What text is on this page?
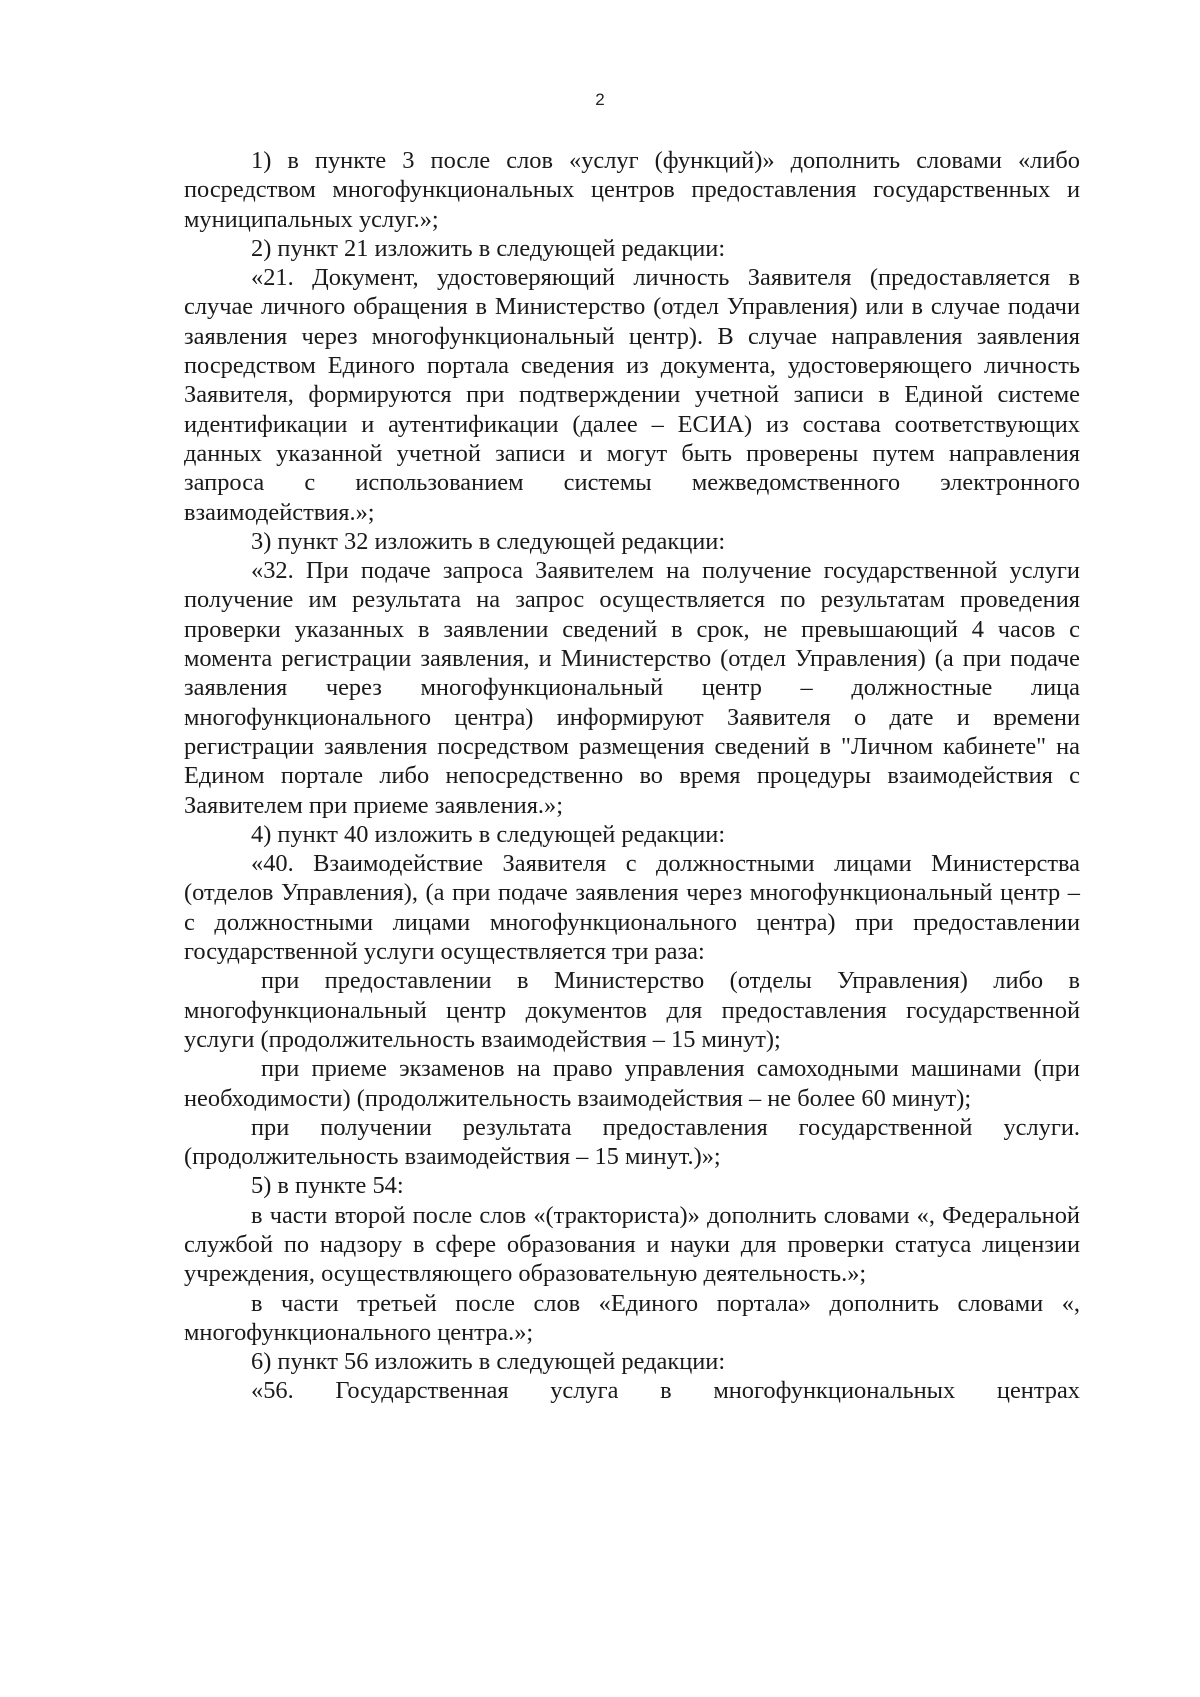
2

1) в пункте 3 после слов «услуг (функций)» дополнить словами «либо посредством многофункциональных центров предоставления государственных и муниципальных услуг.»;

2) пункт 21 изложить в следующей редакции:

«21. Документ, удостоверяющий личность Заявителя (предоставляется в случае личного обращения в Министерство (отдел Управления) или в случае подачи заявления через многофункциональный центр). В случае направления заявления посредством Единого портала сведения из документа, удостоверяющего личность Заявителя, формируются при подтверждении учетной записи в Единой системе идентификации и аутентификации (далее – ЕСИА) из состава соответствующих данных указанной учетной записи и могут быть проверены путем направления запроса с использованием системы межведомственного электронного взаимодействия.»;

3) пункт 32 изложить в следующей редакции:

«32. При подаче запроса Заявителем на получение государственной услуги получение им результата на запрос осуществляется по результатам проведения проверки указанных в заявлении сведений в срок, не превышающий 4 часов с момента регистрации заявления, и Министерство (отдел Управления) (а при подаче заявления через многофункциональный центр – должностные лица многофункционального центра) информируют Заявителя о дате и времени регистрации заявления посредством размещения сведений в "Личном кабинете" на Едином портале либо непосредственно во время процедуры взаимодействия с Заявителем при приеме заявления.»;

4) пункт 40 изложить в следующей редакции:

«40. Взаимодействие Заявителя с должностными лицами Министерства (отделов Управления), (а при подаче заявления через многофункциональный центр – с должностными лицами многофункционального центра) при предоставлении государственной услуги осуществляется три раза:

при предоставлении в Министерство (отделы Управления) либо в многофункциональный центр документов для предоставления государственной услуги (продолжительность взаимодействия – 15 минут);

при приеме экзаменов на право управления самоходными машинами (при необходимости) (продолжительность взаимодействия – не более 60 минут);

при получении результата предоставления государственной услуги. (продолжительность взаимодействия – 15 минут.)»;

5) в пункте 54:

в части второй после слов «(тракториста)» дополнить словами «, Федеральной службой по надзору в сфере образования и науки для проверки статуса лицензии учреждения, осуществляющего образовательную деятельность.»;

в части третьей после слов «Единого портала» дополнить словами «, многофункционального центра.»;

6) пункт 56 изложить в следующей редакции:

«56. Государственная услуга в многофункциональных центрах
